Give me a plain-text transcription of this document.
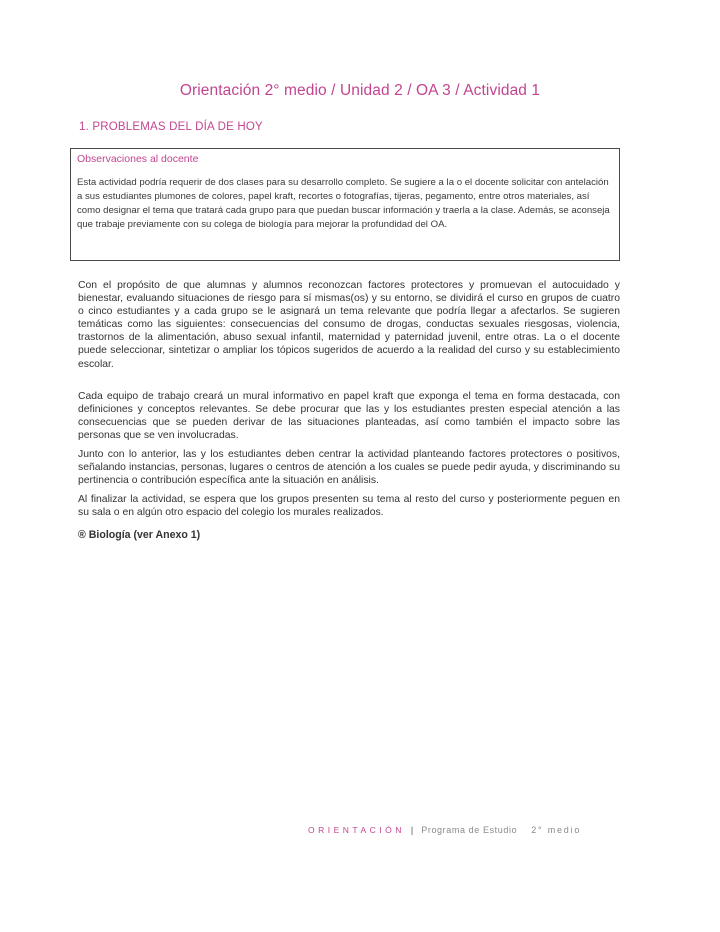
Orientación 2° medio / Unidad 2 / OA 3 / Actividad 1
1. PROBLEMAS DEL DÍA DE HOY

Observaciones al docente

Esta actividad podría requerir de dos clases para su desarrollo completo. Se sugiere a la o el docente solicitar con antelación a sus estudiantes plumones de colores, papel kraft, recortes o fotografías, tijeras, pegamento, entre otros materiales, así como designar el tema que tratará cada grupo para que puedan buscar información y traerla a la clase. Además, se aconseja que trabaje previamente con su colega de biología para mejorar la profundidad del OA.

Con el propósito de que alumnas y alumnos reconozcan factores protectores y promuevan el autocuidado y bienestar, evaluando situaciones de riesgo para sí mismas(os) y su entorno, se dividirá el curso en grupos de cuatro o cinco estudiantes y a cada grupo se le asignará un tema relevante que podría llegar a afectarlos. Se sugieren temáticas como las siguientes: consecuencias del consumo de drogas, conductas sexuales riesgosas, violencia, trastornos de la alimentación, abuso sexual infantil, maternidad y paternidad juvenil, entre otras. La o el docente puede seleccionar, sintetizar o ampliar los tópicos sugeridos de acuerdo a la realidad del curso y su establecimiento escolar.

Cada equipo de trabajo creará un mural informativo en papel kraft que exponga el tema en forma destacada, con definiciones y conceptos relevantes. Se debe procurar que las y los estudiantes presten especial atención a las consecuencias que se pueden derivar de las situaciones planteadas, así como también el impacto sobre las personas que se ven involucradas.

Junto con lo anterior, las y los estudiantes deben centrar la actividad planteando factores protectores o positivos, señalando instancias, personas, lugares o centros de atención a los cuales se puede pedir ayuda, y discriminando su pertinencia o contribución específica ante la situación en análisis.

Al finalizar la actividad, se espera que los grupos presenten su tema al resto del curso y posteriormente peguen en su sala o en algún otro espacio del colegio los murales realizados.

® Biología (ver Anexo 1)
ORIENTACIÓN | Programa de Estudio 2° medio
